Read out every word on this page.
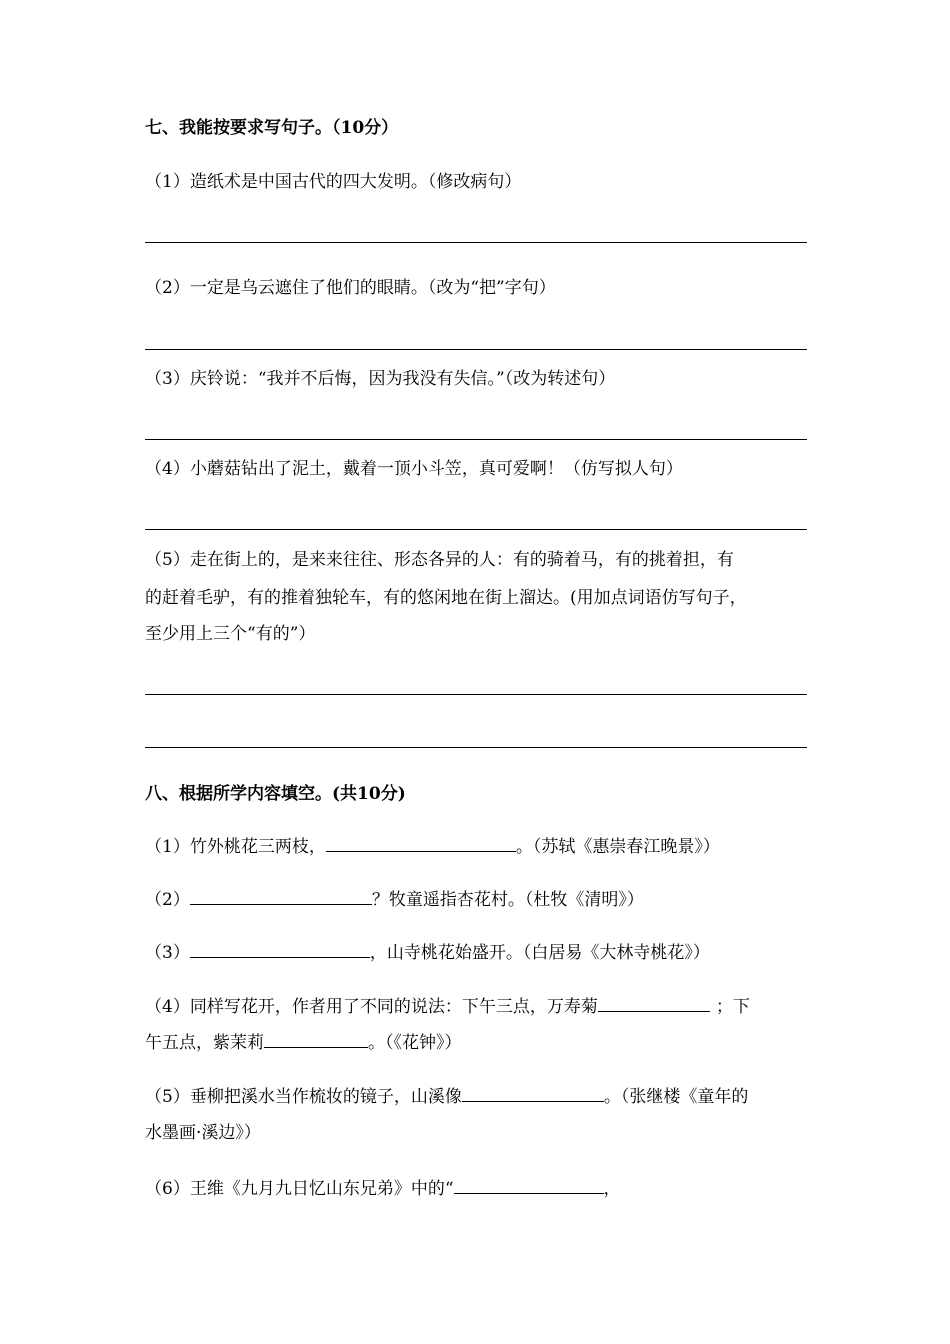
七、我能按要求写句子。（10分）
（1）造纸术是中国古代的四大发明。（修改病句）
（2）一定是乌云遮住了他们的眼睛。（改为“把”字句）
（3）庆铃说：“我并不后悔，因为我没有失信。”（改为转述句）
（4）小蘑菇钻出了泥土，戴着一顶小斗笠，真可爱啊！（仿写拟人句）
（5）走在街上的，是来来往往、形态各异的人：有的骑着马，有的挑着担，有
的赶着毛驴，有的推着独轮车，有的悠闲地在街上溜达。(用加点词语仿写句子，
至少用上三个“有的”）
八、根据所学内容填空。(共10分)
（1）竹外桃花三两枝，	。（苏轼《惠崇春江晚景》）
（2）	？牧童遥指杏花村。（杜牧《清明》）
（3）	，山寺桃花始盛开。（白居易《大林寺桃花》）
（4）同样写花开，作者用了不同的说法：下午三点，万寿菊	；下
午五点，紫茉莉	。（《花钟》）
（5）垂柳把溪水当作梳妆的镜子，山溪像	。（张继楼《童年的
水墨画·溪边》）
（6）王维《九月九日忆山东兄弟》中的“	，
